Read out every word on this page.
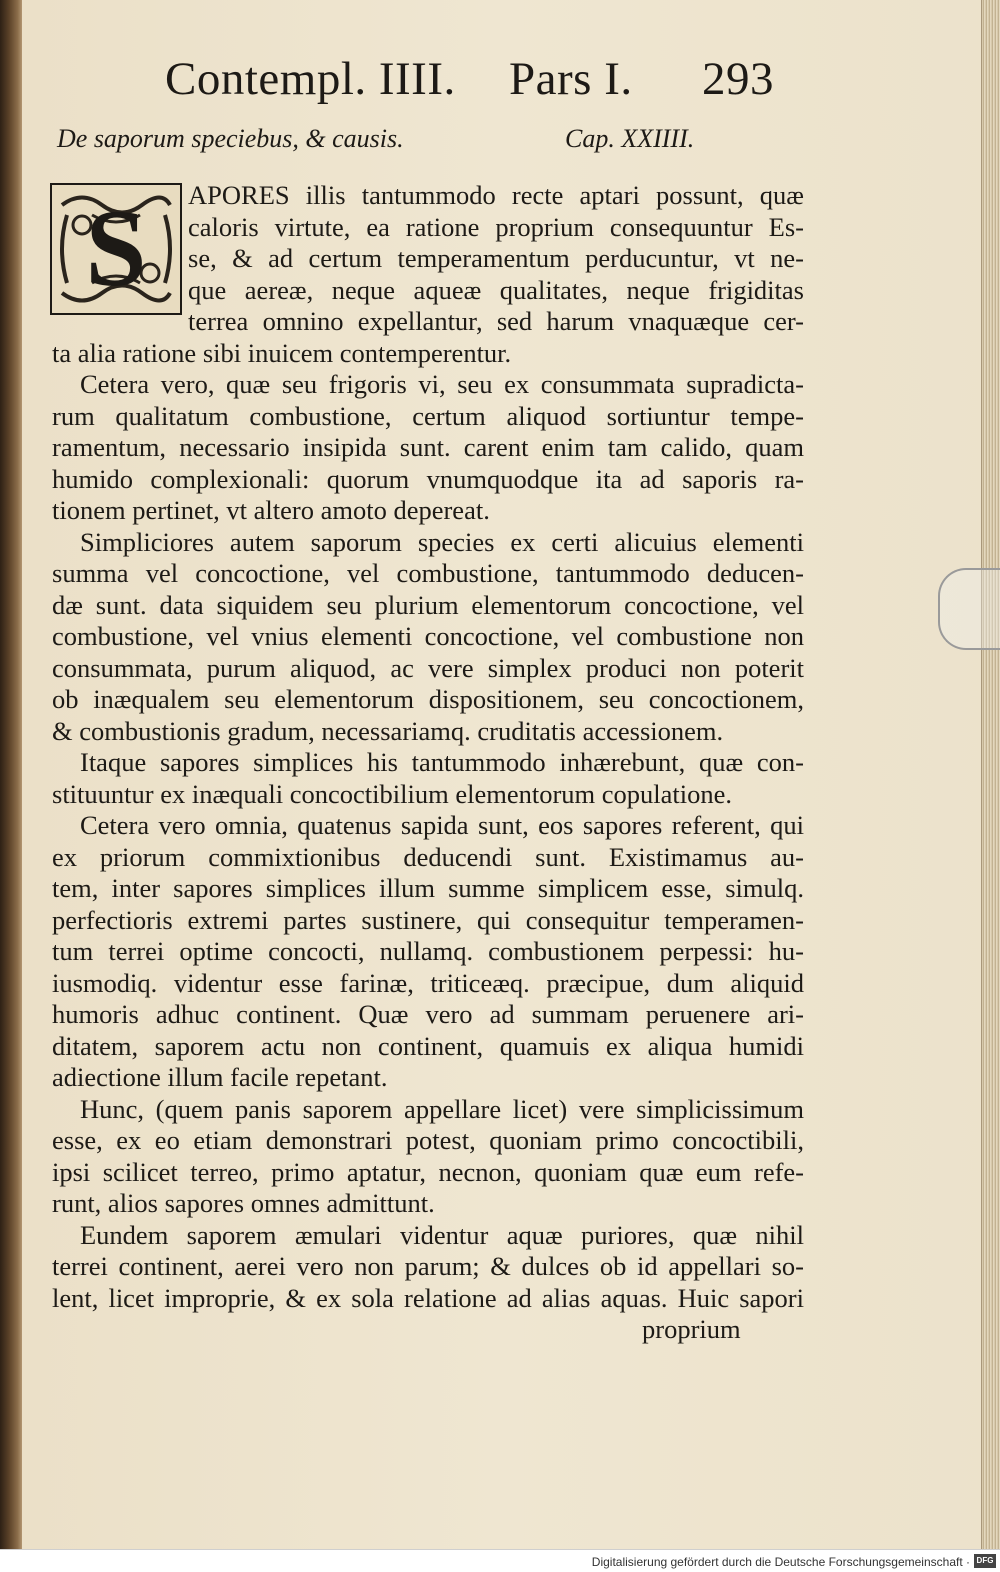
Contempl. IIII. Pars I. 293
De saporum speciebus, & causis.	Cap. XXIIII.
S	APORES illis tantummodo recte aptari possunt, quæ
caloris virtute, ea ratione proprium consequuntur Es-
se, & ad certum temperamentum perducuntur, vt ne-
que aereæ, neque aqueæ qualitates, neque frigiditas
terrea omnino expellantur, sed harum vnaquæque cer-
ta alia ratione sibi inuicem contemperentur.
Cetera vero, quæ seu frigoris vi, seu ex consummata supradicta-
rum qualitatum combustione, certum aliquod sortiuntur tempe-
ramentum, necessario insipida sunt. carent enim tam calido, quam
humido complexionali: quorum vnumquodque ita ad saporis ra-
tionem pertinet, vt altero amoto depereat.
Simpliciores autem saporum species ex certi alicuius elementi
summa vel concoctione, vel combustione, tantummodo deducen-
dæ sunt. data siquidem seu plurium elementorum concoctione, vel
combustione, vel vnius elementi concoctione, vel combustione non
consummata, purum aliquod, ac vere simplex produci non poterit
ob inæqualem seu elementorum dispositionem, seu concoctionem,
& combustionis gradum, necessariamq. cruditatis accessionem.
Itaque sapores simplices his tantummodo inhærebunt, quæ con-
stituuntur ex inæquali concoctibilium elementorum copulatione.
Cetera vero omnia, quatenus sapida sunt, eos sapores referent, qui
ex priorum commixtionibus deducendi sunt. Existimamus au-
tem, inter sapores simplices illum summe simplicem esse, simulq.
perfectioris extremi partes sustinere, qui consequitur temperamen-
tum terrei optime concocti, nullamq. combustionem perpessi: hu-
iusmodiq. videntur esse farinæ, triticeæq. præcipue, dum aliquid
humoris adhuc continent. Quæ vero ad summam peruenere ari-
ditatem, saporem actu non continent, quamuis ex aliqua humidi
adiectione illum facile repetant.
Hunc, (quem panis saporem appellare licet) vere simplicissimum
esse, ex eo etiam demonstrari potest, quoniam primo concoctibili,
ipsi scilicet terreo, primo aptatur, necnon, quoniam quæ eum refe-
runt, alios sapores omnes admittunt.
Eundem saporem æmulari videntur aquæ puriores, quæ nihil
terrei continent, aerei vero non parum; & dulces ob id appellari so-
lent, licet improprie, & ex sola relatione ad alias aquas. Huic sapori
proprium
Digitalisierung gefördert durch die Deutsche Forschungsgemeinschaft · DFG
